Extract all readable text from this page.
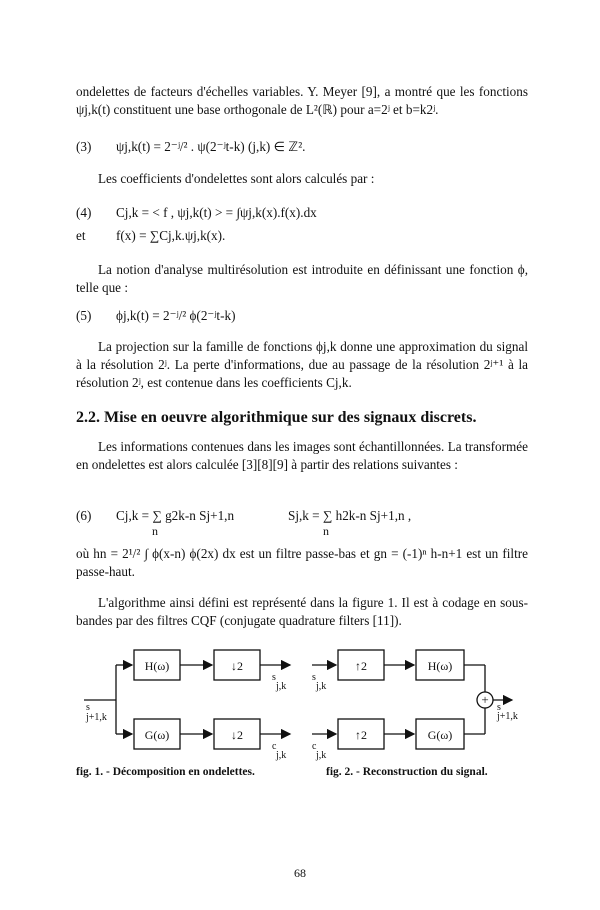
ondelettes de facteurs d'échelles variables. Y. Meyer [9], a montré que les fonctions ψj,k(t) constituent une base orthogonale de L²(ℝ) pour a=2ʲ et b=k2ʲ.

(3) ψj,k(t) = 2⁻ʲ/² . ψ(2⁻ʲt-k) (j,k) ∈ ℤ².

Les coefficients d'ondelettes sont alors calculés par :

(4) Cj,k = < f , ψj,k(t) > = ∫ψj,k(x).f(x).dx
et f(x) = ∑Cj,k.ψj,k(x).

La notion d'analyse multirésolution est introduite en définissant une fonction ϕ, telle que :

(5) ϕj,k(t) = 2⁻ʲ/² ϕ(2⁻ʲt-k)

La projection sur la famille de fonctions ϕj,k donne une approximation du signal à la résolution 2ʲ. La perte d'informations, due au passage de la résolution 2ʲ⁺¹ à la résolution 2ʲ, est contenue dans les coefficients Cj,k.

2.2. Mise en oeuvre algorithmique sur des signaux discrets.

Les informations contenues dans les images sont échantillonnées. La transformée en ondelettes est alors calculée [3][8][9] à partir des relations suivantes :

(6) Cj,k = ∑ g2k-n Sj+1,n
n
Sj,k = ∑ h2k-n Sj+1,n ,
n

où hn = 2¹/² ∫ ϕ(x-n) ϕ(2x) dx est un filtre passe-bas et gn = (-1)ⁿ h-n+1 est un filtre passe-haut.

L'algorithme ainsi défini est représenté dans la figure 1. Il est à codage en sous-bandes par des filtres CQF (conjugate quadrature filters [11]).

H(ω)	↓2
G(ω)	↓2
↑2	H(ω)
↑2	G(ω)
+
s
j+1,k
s
j,k
c
j,k
s
j,k
c
j,k
s
j+1,k
fig. 1. - Décomposition en ondelettes.	fig. 2. - Reconstruction du signal.
68
